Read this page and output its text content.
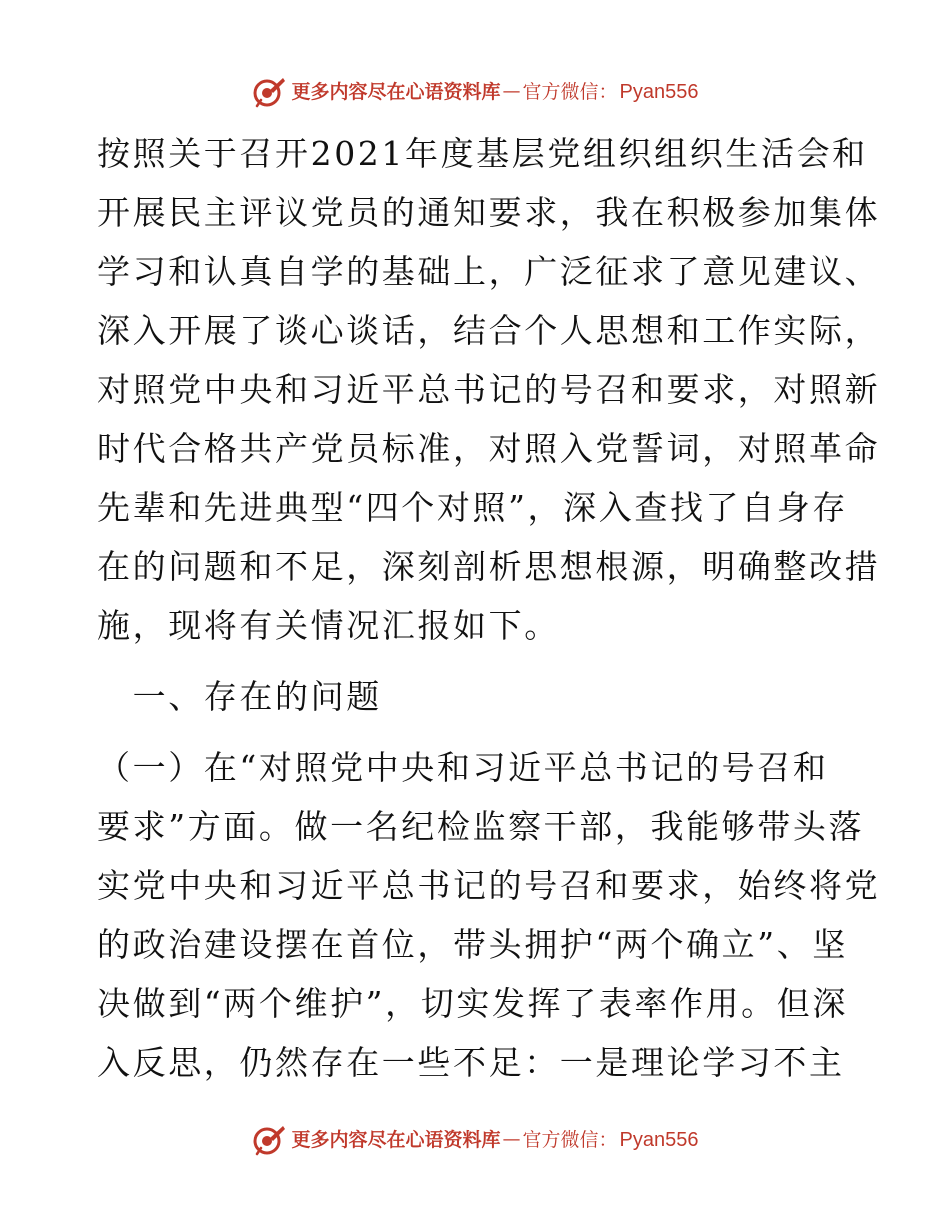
更多内容尽在心语资料库 — 官方微信： Pyan556
按照关于召开2021年度基层党组织组织生活会和
开展民主评议党员的通知要求，我在积极参加集体
学习和认真自学的基础上，广泛征求了意见建议、
深入开展了谈心谈话，结合个人思想和工作实际，
对照党中央和习近平总书记的号召和要求，对照新
时代合格共产党员标准，对照入党誓词，对照革命
先辈和先进典型“四个对照”，深入查找了自身存
在的问题和不足，深刻剖析思想根源，明确整改措
施，现将有关情况汇报如下。
　一、存在的问题
（一）在“对照党中央和习近平总书记的号召和
要求”方面。做一名纪检监察干部，我能够带头落
实党中央和习近平总书记的号召和要求，始终将党
的政治建设摆在首位，带头拥护“两个确立”、坚
决做到“两个维护”，切实发挥了表率作用。但深
入反思，仍然存在一些不足：一是理论学习不主
更多内容尽在心语资料库 — 官方微信： Pyan556
